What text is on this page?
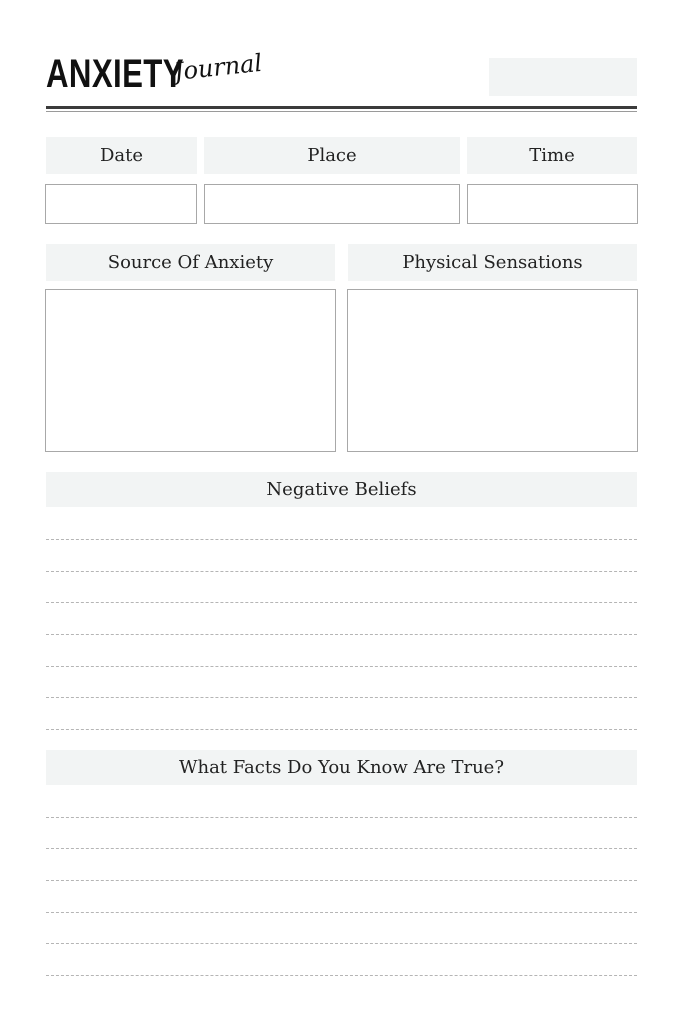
ANXIETY
Journal
Date	Place	Time
Source Of Anxiety	Physical Sensations
Negative Beliefs
What Facts Do You Know Are True?
